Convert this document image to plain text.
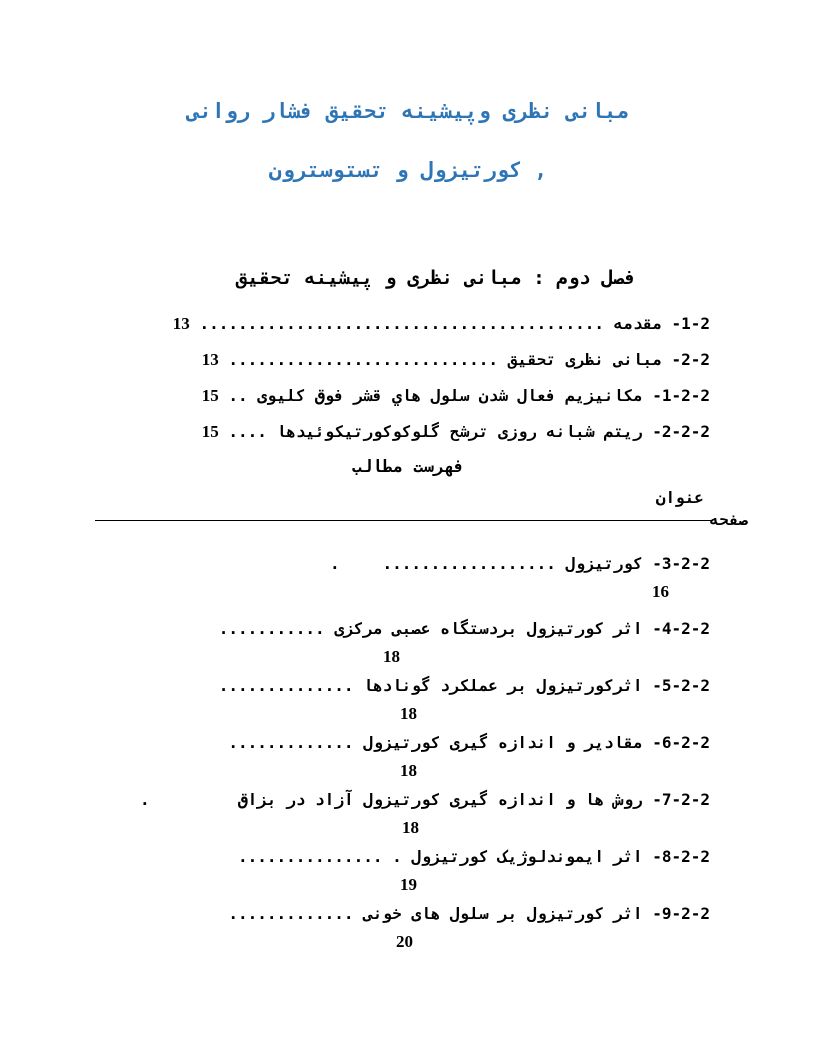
مبانی نظری وپیشینه تحقیق فشار روانی
, کورتیزول و تستوسترون
فصل دوم : مبانی نظری و پیشینه تحقیق
2-1- مقدمه .......................................... 13
2-2- مبانی نظری تحقیق ............................ 13
2-2-1- مکانیزیم فعال شدن سلول هاي قشر فوق کلیوی .. 15
2-2-2- ریتم شبانه روزی ترشح گلوکوکورتیکوئیدها .... 15
فهرست مطالب
عنوان
صفحه
2-2-3- کورتیزول ..................
.
16
2-2-4- اثر کورتیزول بردستگاه عصبی مرکزی ...........
18
2-2-5- اثرکورتیزول بر عملکرد گونادها ..............
18
2-2-6- مقادیر و اندازه گیری کورتیزول .............
18
2-2-7- روش ها و اندازه گیری کورتیزول آزاد در بزاق
.
18
2-2-8- اثر ایموندلوژیک کورتیزول . ...............
19
2-2-9- اثر کورتیزول بر سلول های خونی .............
20
